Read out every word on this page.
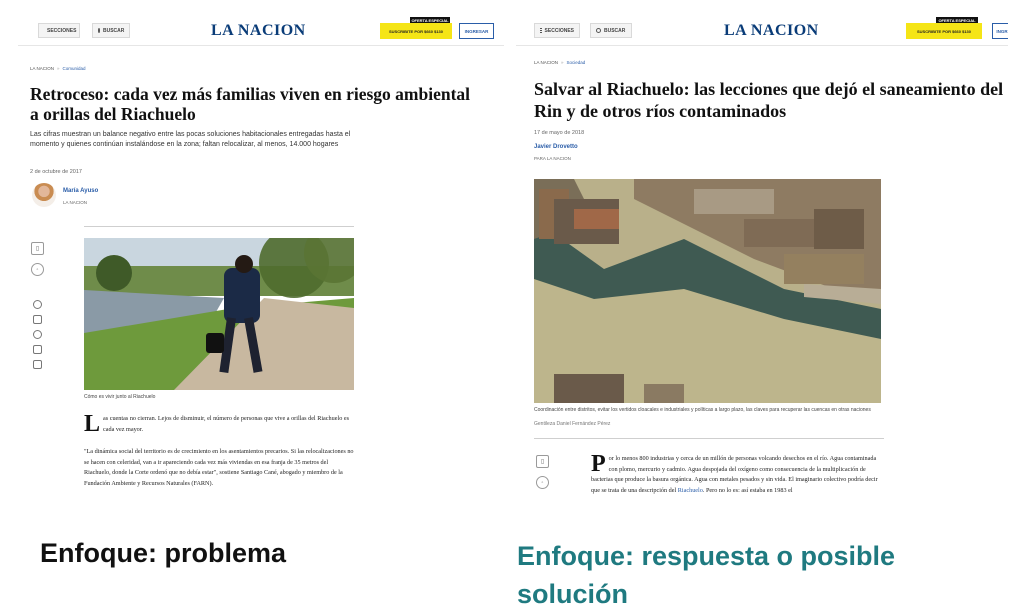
SECCIONES	BUSCAR	LA NACION
OFERTA ESPECIAL
SUSCRIBITE POR $660 $130	INGRESAR
LA NACION » Comunidad
Retroceso: cada vez más familias viven en riesgo ambiental a orillas del Riachuelo
Las cifras muestran un balance negativo entre las pocas soluciones habitacionales entregadas hasta el momento y quienes continúan instalándose en la zona; faltan relocalizar, al menos, 14.000 hogares
2 de octubre de 2017
María Ayuso
LA NACION
▯
◦
Cómo es vivir junto al Riachuelo

Las cuentas no cierran. Lejos de disminuir, el número de personas que vive a orillas del Riachuelo es cada vez mayor.

"La dinámica social del territorio es de crecimiento en los asentamientos precarios. Si las relocalizaciones no se hacen con celeridad, van a ir apareciendo cada vez más viviendas en esa franja de 35 metros del Riachuelo, donde la Corte ordenó que no debía estar", sostiene Santiago Cané, abogado y miembro de la Fundación Ambiente y Recursos Naturales (FARN).

SECCIONES	BUSCAR	LA NACION
OFERTA ESPECIAL
SUSCRIBITE POR $660 $130	INGR
LA NACION » Sociedad
Salvar al Riachuelo: las lecciones que dejó el saneamiento del Rin y de otros ríos contaminados
17 de mayo de 2018
Javier Drovetto
PARA LA NACION
Coordinación entre distritos, evitar los vertidos cloacales e industriales y políticas a largo plazo, las claves para recuperar las cuencas en otras naciones
Gentileza Daniel Fernández Pérez
▯
◦

Por lo menos 800 industrias y cerca de un millón de personas volcando desechos en el río. Agua contaminada con plomo, mercurio y cadmio. Agua despojada del oxígeno como consecuencia de la multiplicación de bacterias que produce la basura orgánica. Agua con metales pesados y sin vida. El imaginario colectivo podría decir que se trata de una descripción del Riachuelo. Pero no lo es: así estaba en 1983 el

Enfoque: problema	Enfoque: respuesta o posible solución
